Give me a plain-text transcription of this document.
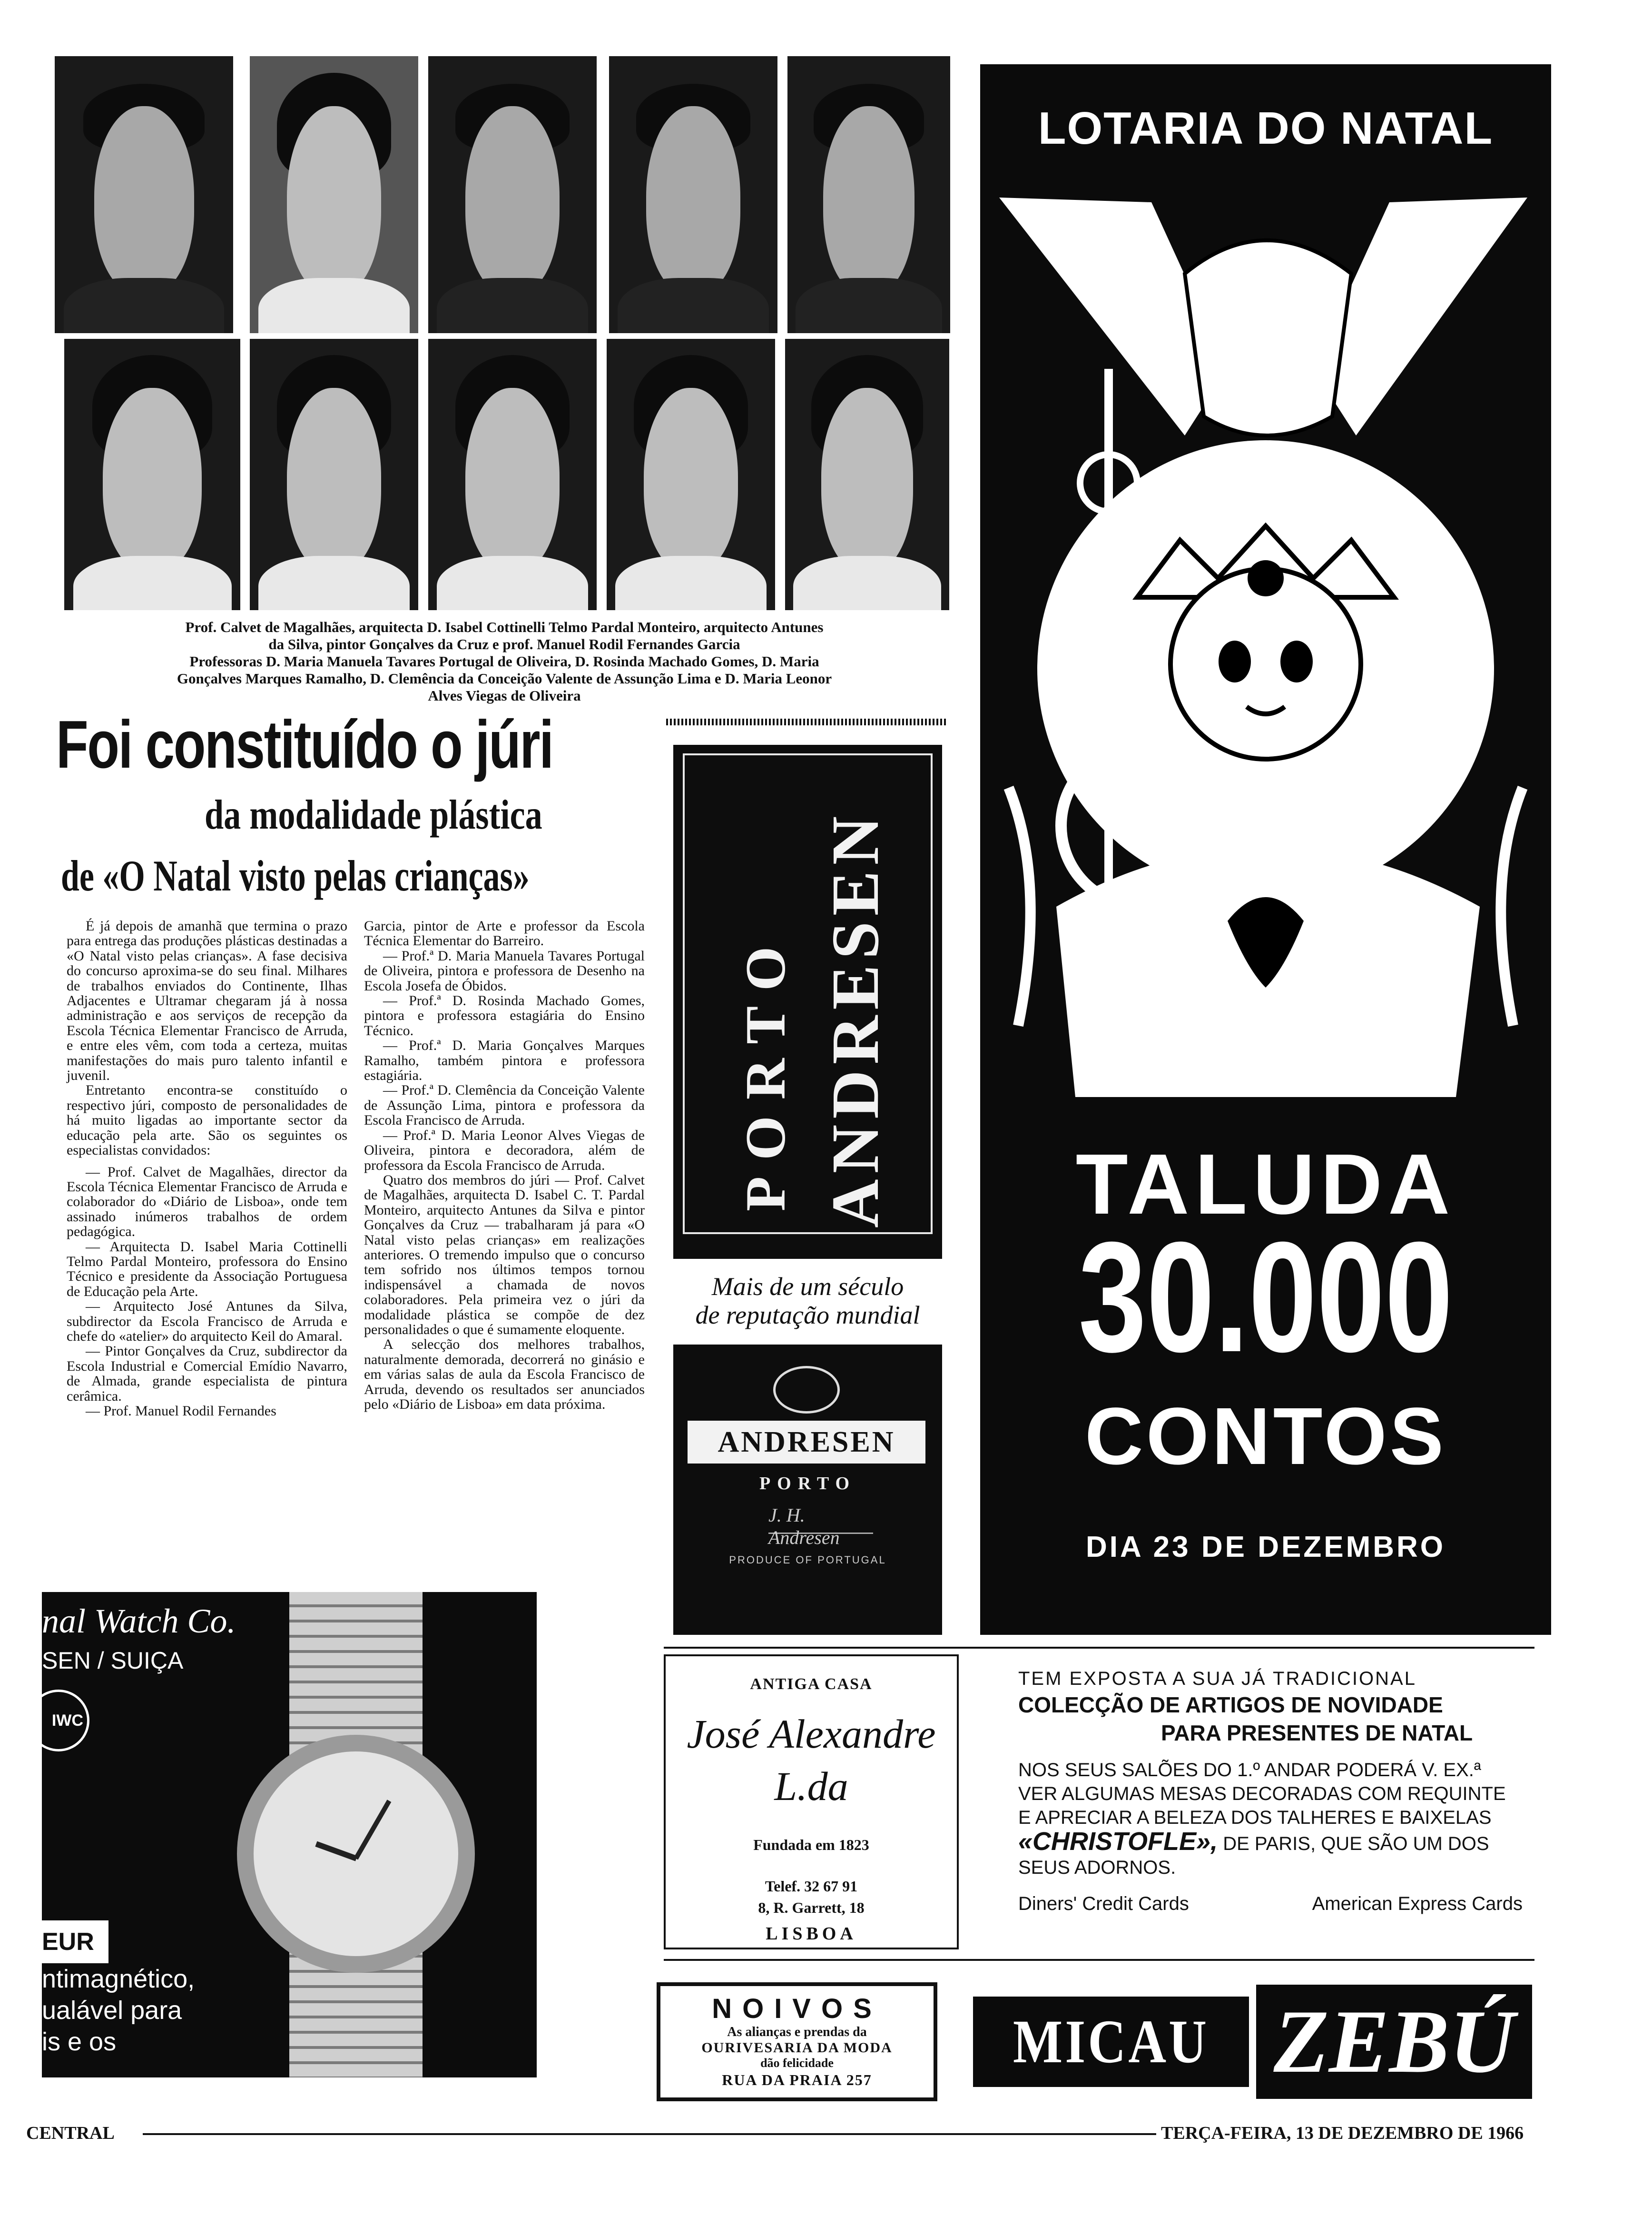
Prof. Calvet de Magalhães, arquitecta D. Isabel Cottinelli Telmo Pardal Monteiro, arquitecto Antunes
da Silva, pintor Gonçalves da Cruz e prof. Manuel Rodil Fernandes Garcia
Professoras D. Maria Manuela Tavares Portugal de Oliveira, D. Rosinda Machado Gomes, D. Maria
Gonçalves Marques Ramalho, D. Clemência da Conceição Valente de Assunção Lima e D. Maria Leonor
Alves Viegas de Oliveira
Foi constituído o júri
da modalidade plástica
de «O Natal visto pelas crianças»

É já depois de amanhã que termina o prazo para entrega das produções plásticas destinadas a «O Natal visto pelas crianças». A fase decisiva do concurso aproxima-se do seu final. Milhares de trabalhos enviados do Continente, Ilhas Adjacentes e Ultramar chegaram já à nossa administração e aos serviços de recepção da Escola Técnica Elementar Francisco de Arruda, e entre eles vêm, com toda a certeza, muitas manifestações do mais puro talento infantil e juvenil.

Entretanto encontra-se constituído o respectivo júri, composto de personalidades de há muito ligadas ao importante sector da educação pela arte. São os seguintes os especialistas convidados:

— Prof. Calvet de Magalhães, director da Escola Técnica Elementar Francisco de Arruda e colaborador do «Diário de Lisboa», onde tem assinado inúmeros trabalhos de ordem pedagógica.

— Arquitecta D. Isabel Maria Cottinelli Telmo Pardal Monteiro, professora do Ensino Técnico e presidente da Associação Portuguesa de Educação pela Arte.

— Arquitecto José Antunes da Silva, subdirector da Escola Francisco de Arruda e chefe do «atelier» do arquitecto Keil do Amaral.

— Pintor Gonçalves da Cruz, subdirector da Escola Industrial e Comercial Emídio Navarro, de Almada, grande especialista de pintura cerâmica.

— Prof. Manuel Rodil Fernandes

Garcia, pintor de Arte e professor da Escola Técnica Elementar do Barreiro.

— Prof.ª D. Maria Manuela Tavares Portugal de Oliveira, pintora e professora de Desenho na Escola Josefa de Óbidos.

— Prof.ª D. Rosinda Machado Gomes, pintora e professora estagiária do Ensino Técnico.

— Prof.ª D. Maria Gonçalves Marques Ramalho, também pintora e professora estagiária.

— Prof.ª D. Clemência da Conceição Valente de Assunção Lima, pintora e professora da Escola Francisco de Arruda.

— Prof.ª D. Maria Leonor Alves Viegas de Oliveira, pintora e decoradora, além de professora da Escola Francisco de Arruda.

Quatro dos membros do júri — Prof. Calvet de Magalhães, arquitecta D. Isabel C. T. Pardal Monteiro, arquitecto Antunes da Silva e pintor Gonçalves da Cruz — trabalharam já para «O Natal visto pelas crianças» em realizações anteriores. O tremendo impulso que o concurso tem sofrido nos últimos tempos tornou indispensável a chamada de novos colaboradores. Pela primeira vez o júri da modalidade plástica se compõe de dez personalidades o que é sumamente eloquente.

A selecção dos melhores trabalhos, naturalmente demorada, decorrerá no ginásio e em várias salas de aula da Escola Francisco de Arruda, devendo os resultados ser anunciados pelo «Diário de Lisboa» em data próxima.

PORTO ANDRESEN
Mais de um século
de reputação mundial
ANDRESEN
PORTO
J. H. Andresen
PRODUCE OF PORTUGAL
LOTARIA DO NATAL
TALUDA
30.000
CONTOS
DIA 23 DE DEZEMBRO
nal Watch Co.
SEN / SUIÇA
IWC
EUR
ntimagnético,
ualável para
is e os
ANTIGA CASA
José Alexandre L.da
Fundada em 1823
Telef. 32 67 91
8, R. Garrett, 18
LISBOA
TEM EXPOSTA A SUA JÁ TRADICIONAL
COLECÇÃO DE ARTIGOS DE NOVIDADE
PARA PRESENTES DE NATAL
NOS SEUS SALÕES DO 1.º ANDAR PODERÁ V. EX.ª
VER ALGUMAS MESAS DECORADAS COM REQUINTE
E APRECIAR A BELEZA DOS TALHERES E BAIXELAS
«CHRISTOFLE», DE PARIS, QUE SÃO UM DOS
SEUS ADORNOS.
Diners' Credit Cards	American Express Cards
NOIVOS
As alianças e prendas da
OURIVESARIA DA MODA
dão felicidade
RUA DA PRAIA 257
MICAU ZEBÚ
CENTRAL	TERÇA-FEIRA, 13 DE DEZEMBRO DE 1966
